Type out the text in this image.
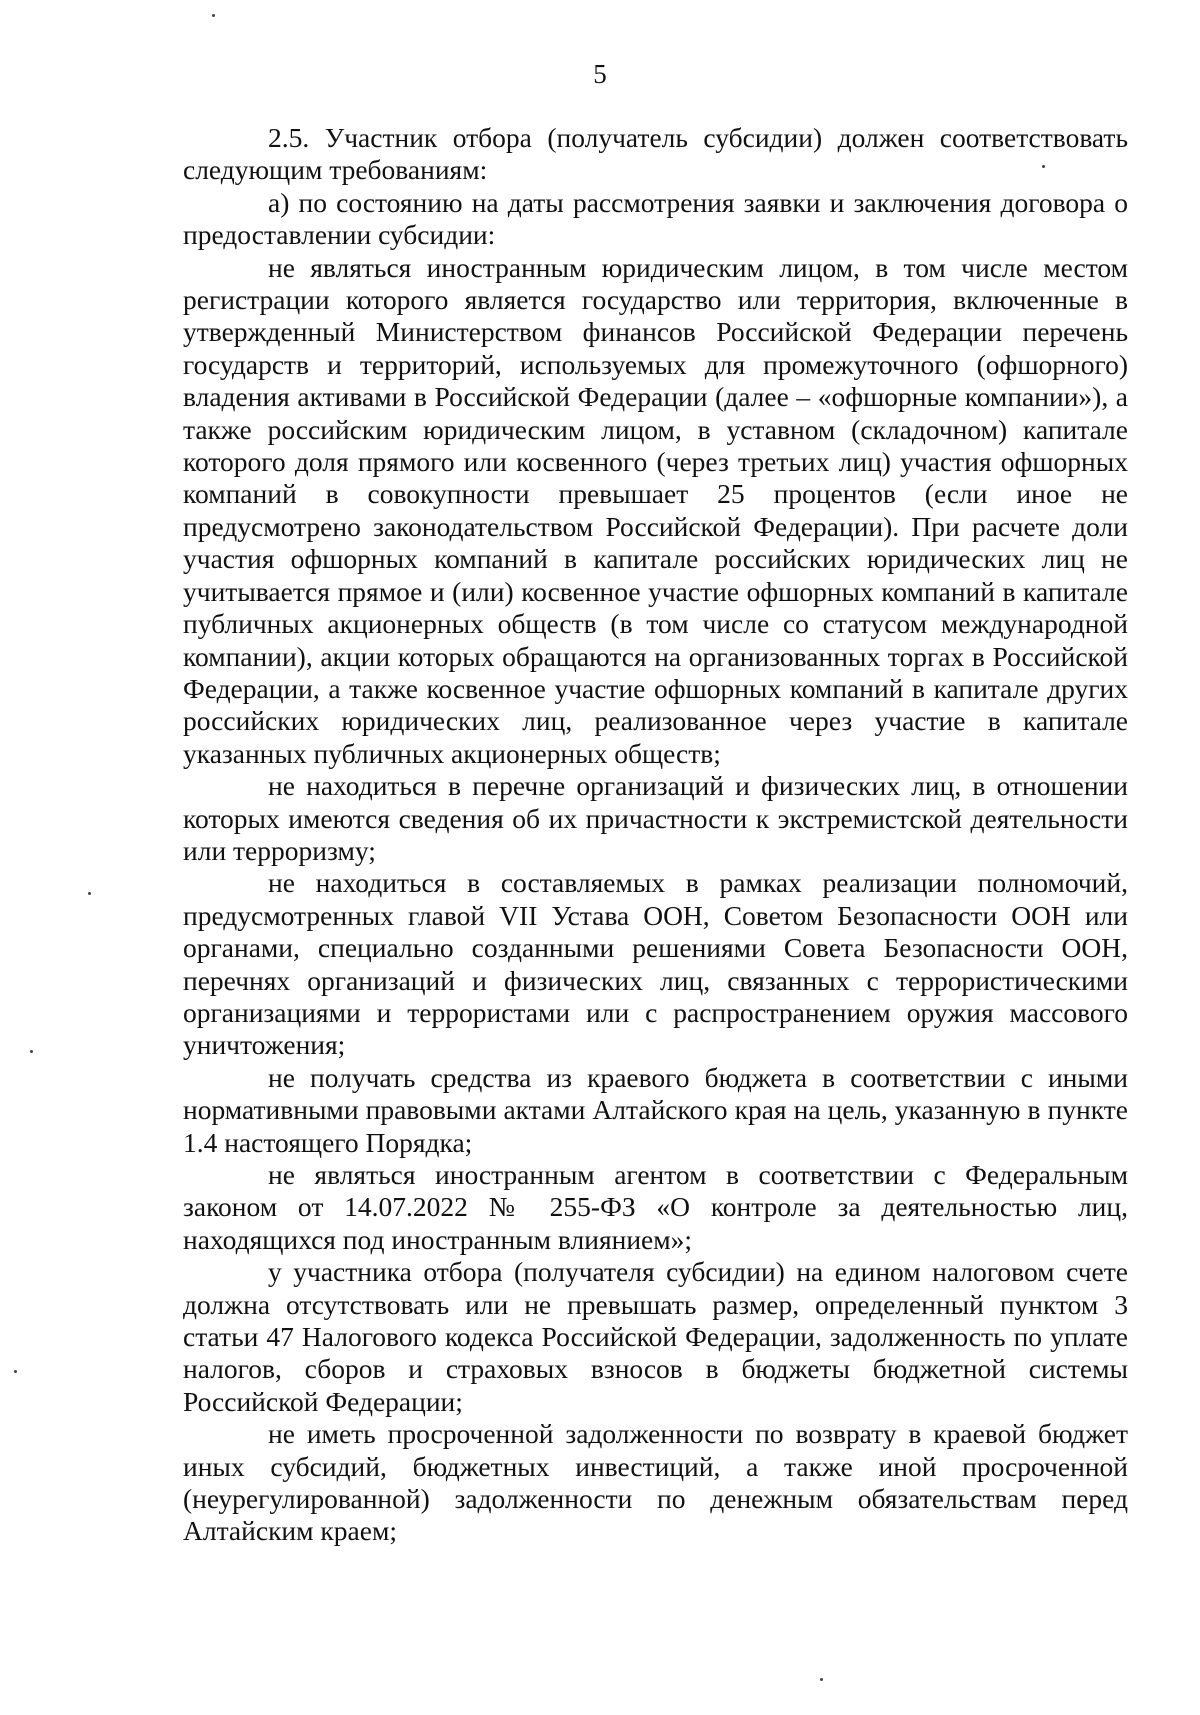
5

2.5. Участник отбора (получатель субсидии) должен соответствовать следующим требованиям:

а) по состоянию на даты рассмотрения заявки и заключения договора о предоставлении субсидии:

не являться иностранным юридическим лицом, в том числе местом регистрации которого является государство или территория, включенные в утвержденный Министерством финансов Российской Федерации перечень государств и территорий, используемых для промежуточного (офшорного) владения активами в Российской Федерации (далее – «офшорные компании»), а также российским юридическим лицом, в уставном (складочном) капитале которого доля прямого или косвенного (через третьих лиц) участия офшорных компаний в совокупности превышает 25 процентов (если иное не предусмотрено законодательством Российской Федерации). При расчете доли участия офшорных компаний в капитале российских юридических лиц не учитывается прямое и (или) косвенное участие офшорных компаний в капитале публичных акционерных обществ (в том числе со статусом международной компании), акции которых обращаются на организованных торгах в Российской Федерации, а также косвенное участие офшорных компаний в капитале других российских юридических лиц, реализованное через участие в капитале указанных публичных акционерных обществ;

не находиться в перечне организаций и физических лиц, в отношении которых имеются сведения об их причастности к экстремистской деятельности или терроризму;

не находиться в составляемых в рамках реализации полномочий, предусмотренных главой VII Устава ООН, Советом Безопасности ООН или органами, специально созданными решениями Совета Безопасности ООН, перечнях организаций и физических лиц, связанных с террористическими организациями и террористами или с распространением оружия массового уничтожения;

не получать средства из краевого бюджета в соответствии с иными нормативными правовыми актами Алтайского края на цель, указанную в пункте 1.4 настоящего Порядка;

не являться иностранным агентом в соответствии с Федеральным законом от 14.07.2022 № 255-ФЗ «О контроле за деятельностью лиц, находящихся под иностранным влиянием»;

у участника отбора (получателя субсидии) на едином налоговом счете должна отсутствовать или не превышать размер, определенный пунктом 3 статьи 47 Налогового кодекса Российской Федерации, задолженность по уплате налогов, сборов и страховых взносов в бюджеты бюджетной системы Российской Федерации;

не иметь просроченной задолженности по возврату в краевой бюджет иных субсидий, бюджетных инвестиций, а также иной просроченной (неурегулированной) задолженности по денежным обязательствам перед Алтайским краем;
